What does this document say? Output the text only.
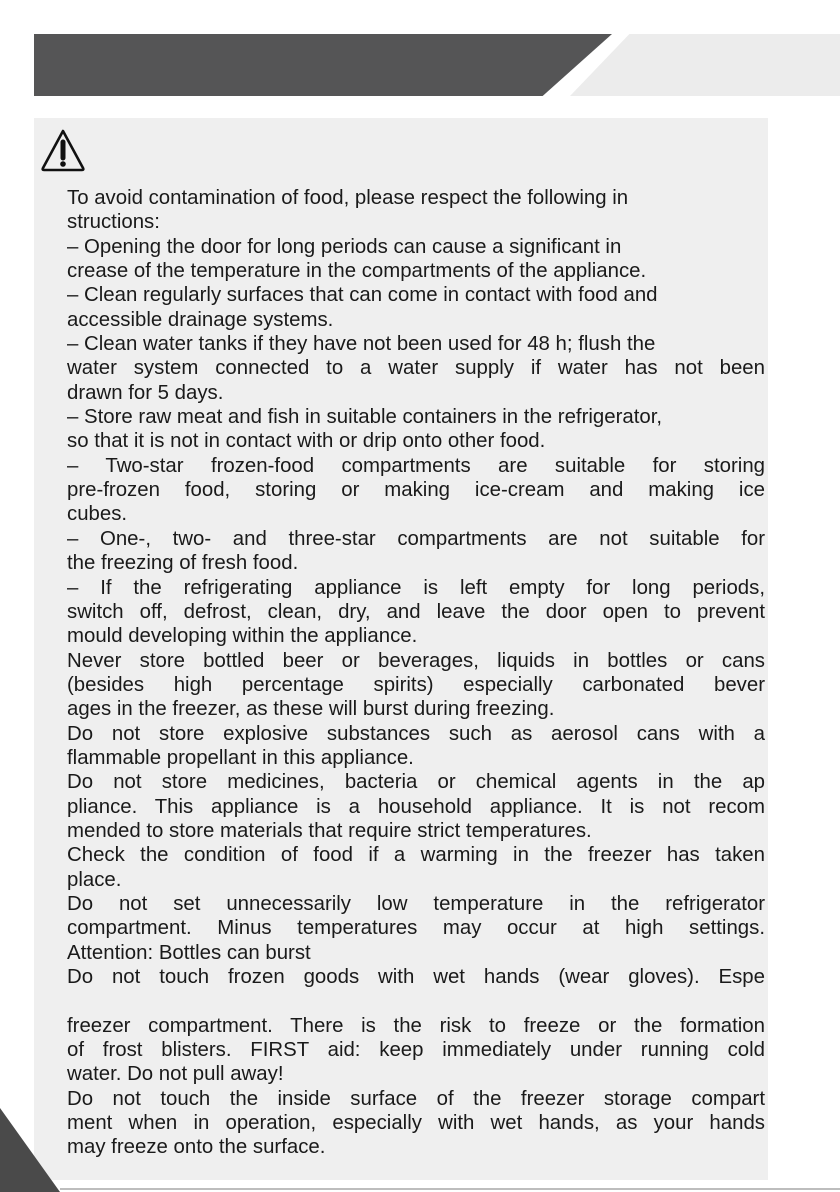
To avoid contamination of food, please respect the following in
structions:
– Opening the door for long periods can cause a significant in
crease of the temperature in the compartments of the appliance.
– Clean regularly surfaces that can come in contact with food and
accessible drainage systems.
– Clean water tanks if they have not been used for 48 h; flush the
water system connected to a water supply if water has not been
drawn for 5 days.
– Store raw meat and fish in suitable containers in the refrigerator,
so that it is not in contact with or drip onto other food.
– Two-star frozen-food compartments are suitable for storing
pre-frozen food, storing or making ice-cream and making ice
cubes.
– One-, two- and three-star compartments are not suitable for
the freezing of fresh food.
– If the refrigerating appliance is left empty for long periods,
switch off, defrost, clean, dry, and leave the door open to prevent
mould developing within the appliance.
Never store bottled beer or beverages, liquids in bottles or cans
(besides high percentage spirits) especially carbonated bever
ages in the freezer, as these will burst during freezing.
Do not store explosive substances such as aerosol cans with a
flammable propellant in this appliance.
Do not store medicines, bacteria or chemical agents in the ap
pliance. This appliance is a household appliance. It is not recom
mended to store materials that require strict temperatures.
Check the condition of food if a warming in the freezer has taken
place.
Do not set unnecessarily low temperature in the refrigerator
compartment. Minus temperatures may occur at high settings.
Attention: Bottles can burst
Do not touch frozen goods with wet hands (wear gloves). Espe
freezer compartment. There is the risk to freeze or the formation
of frost blisters. FIRST aid: keep immediately under running cold
water. Do not pull away!
Do not touch the inside surface of the freezer storage compart
ment when in operation, especially with wet hands, as your hands
may freeze onto the surface.
